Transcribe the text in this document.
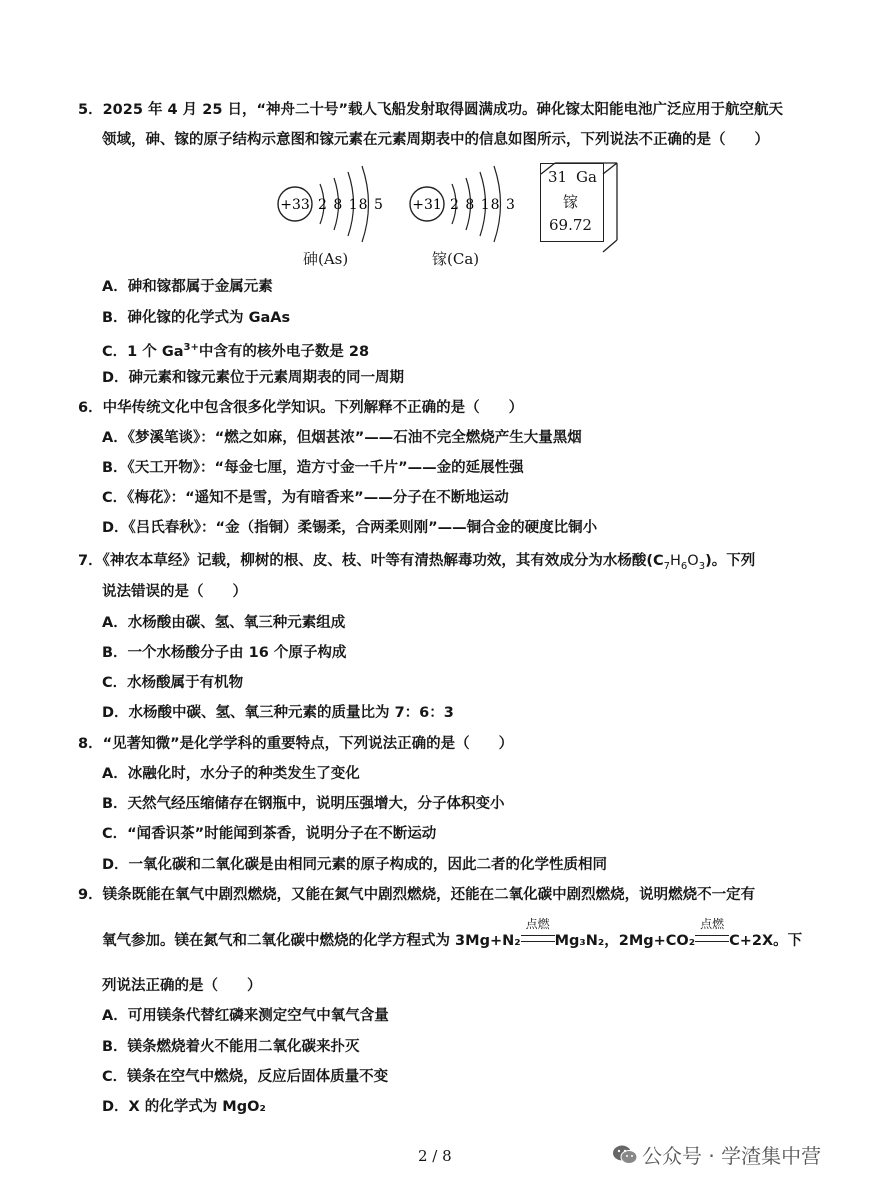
5．2025 年 4 月 25 日，“神舟二十号”载人飞船发射取得圆满成功。砷化镓太阳能电池广泛应用于航空航天
领域，砷、镓的原子结构示意图和镓元素在元素周期表中的信息如图所示，下列说法不正确的是（　　）
+33 2 8 18 5 +31 2 8 18 3
砷(As)	镓(Ca)
31 Ga
镓
69.72
A．砷和镓都属于金属元素
B．砷化镓的化学式为 GaAs
C．1 个 $Ga^{3+}$中含有的核外电子数是 28
D．砷元素和镓元素位于元素周期表的同一周期
6．中华传统文化中包含很多化学知识。下列解释不正确的是（　　）
A．《梦溪笔谈》：“燃之如麻，但烟甚浓”——石油不完全燃烧产生大量黑烟
B．《天工开物》：“每金七厘，造方寸金一千片”——金的延展性强
C．《梅花》：“遥知不是雪，为有暗香来”——分子在不断地运动
D．《吕氏春秋》：“金（指铜）柔锡柔，合两柔则刚”——铜合金的硬度比铜小
7．《神农本草经》记载，柳树的根、皮、枝、叶等有清热解毒功效，其有效成分为水杨酸$(C_7H_6O_3)$。下列
说法错误的是（　　）
A．水杨酸由碳、氢、氧三种元素组成
B．一个水杨酸分子由 16 个原子构成
C．水杨酸属于有机物
D．水杨酸中碳、氢、氧三种元素的质量比为 7：6：3
8．“见著知微”是化学学科的重要特点，下列说法正确的是（　　）
A．冰融化时，水分子的种类发生了变化
B．天然气经压缩储存在钢瓶中，说明压强增大，分子体积变小
C．“闻香识茶”时能闻到茶香，说明分子在不断运动
D．一氧化碳和二氧化碳是由相同元素的原子构成的，因此二者的化学性质相同
9．镁条既能在氧气中剧烈燃烧，又能在氮气中剧烈燃烧，还能在二氧化碳中剧烈燃烧，说明燃烧不一定有
氧气参加。镁在氮气和二氧化碳中燃烧的化学方程式为 3Mg+N₂
点燃
Mg₃N₂，2Mg+CO₂
点燃
C+2X。下
列说法正确的是（　　）
A．可用镁条代替红磷来测定空气中氧气含量
B．镁条燃烧着火不能用二氧化碳来扑灭
C．镁条在空气中燃烧，反应后固体质量不变
D．X 的化学式为 MgO₂
2 / 8	公众号 · 学渣集中营
